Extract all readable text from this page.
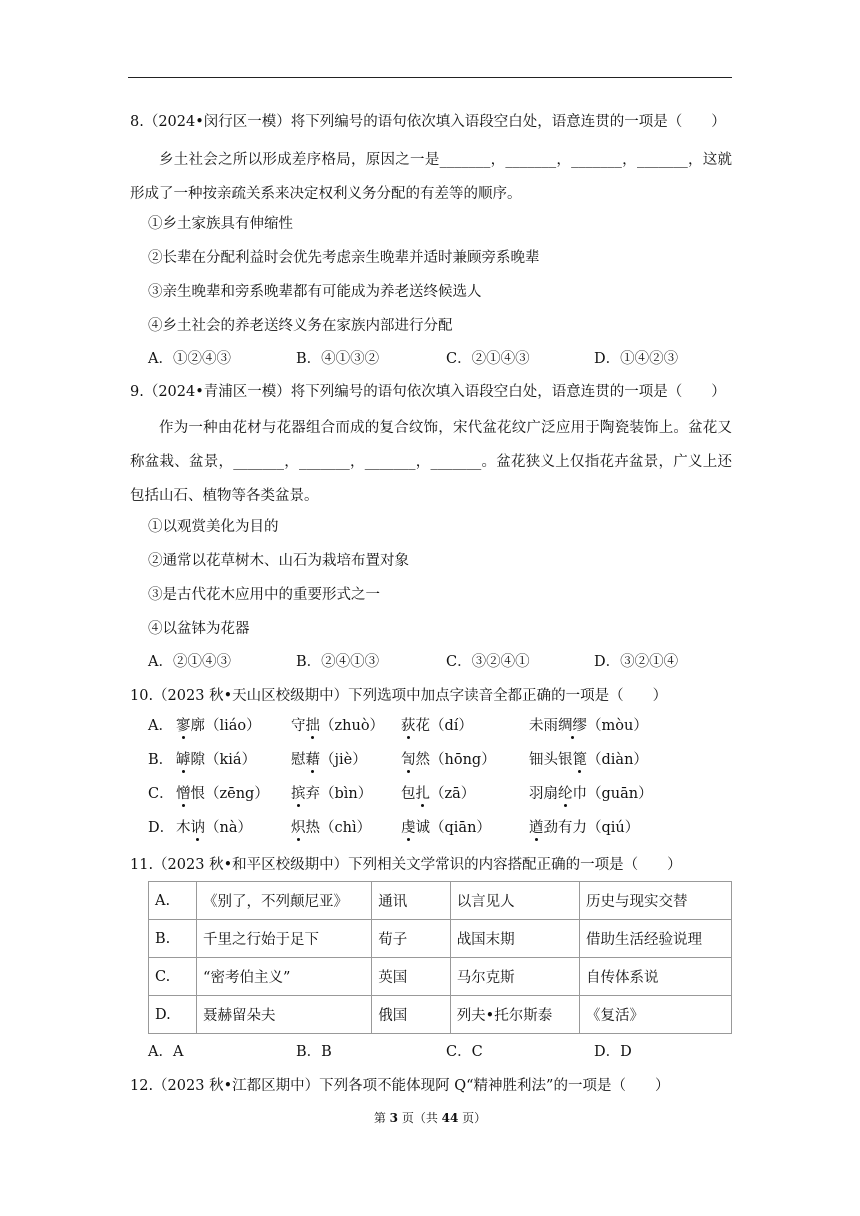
8.（2024•闵行区一模）将下列编号的语句依次填入语段空白处，语意连贯的一项是（　　）
乡土社会之所以形成差序格局，原因之一是_______，_______，_______，_______，这就形成了一种按亲疏关系来决定权利义务分配的有差等的顺序。
①乡土家族具有伸缩性
②长辈在分配利益时会优先考虑亲生晚辈并适时兼顾旁系晚辈
③亲生晚辈和旁系晚辈都有可能成为养老送终候选人
④乡土社会的养老送终义务在家族内部进行分配
A．①②④③	B．④①③②	C．②①④③	D．①④②③
9.（2024•青浦区一模）将下列编号的语句依次填入语段空白处，语意连贯的一项是（　　）
作为一种由花材与花器组合而成的复合纹饰，宋代盆花纹广泛应用于陶瓷装饰上。盆花又称盆栽、盆景，_______，_______，_______，_______。盆花狭义上仅指花卉盆景，广义上还包括山石、植物等各类盆景。
①以观赏美化为目的
②通常以花草树木、山石为栽培布置对象
③是古代花木应用中的重要形式之一
④以盆钵为花器
A．②①④③	B．②④①③	C．③②④①	D．③②①④
10.（2023 秋•天山区校级期中）下列选项中加点字读音全都正确的一项是（　　）
A． 寥廓（liáo） 守拙（zhuò） 荻花（dí）	未雨绸缪（mòu）
B． 罅隙（kiá） 慰藉（jiè） 訇然（hōng） 钿头银篦（diàn）
C． 憎恨（zēng） 摈弃（bìn） 包扎（zā）	羽扇纶巾（guān）
D． 木讷（nà）	炽热（chì） 虔诚（qiān）	遒劲有力（qiú）
11.（2023 秋•和平区校级期中）下列相关文学常识的内容搭配正确的一项是（　　）
A.	《别了，不列颠尼亚》	通讯	以言见人	历史与现实交替
B.	千里之行始于足下	荀子	战国末期	借助生活经验说理
C.	“密考伯主义”	英国	马尔克斯	自传体系说
D.	聂赫留朵夫	俄国	列夫•托尔斯泰	《复活》
A．A	B．B	C．C	D．D
12.（2023 秋•江都区期中）下列各项不能体现阿 Q“精神胜利法”的一项是（　　）
第 3 页（共 44 页）
